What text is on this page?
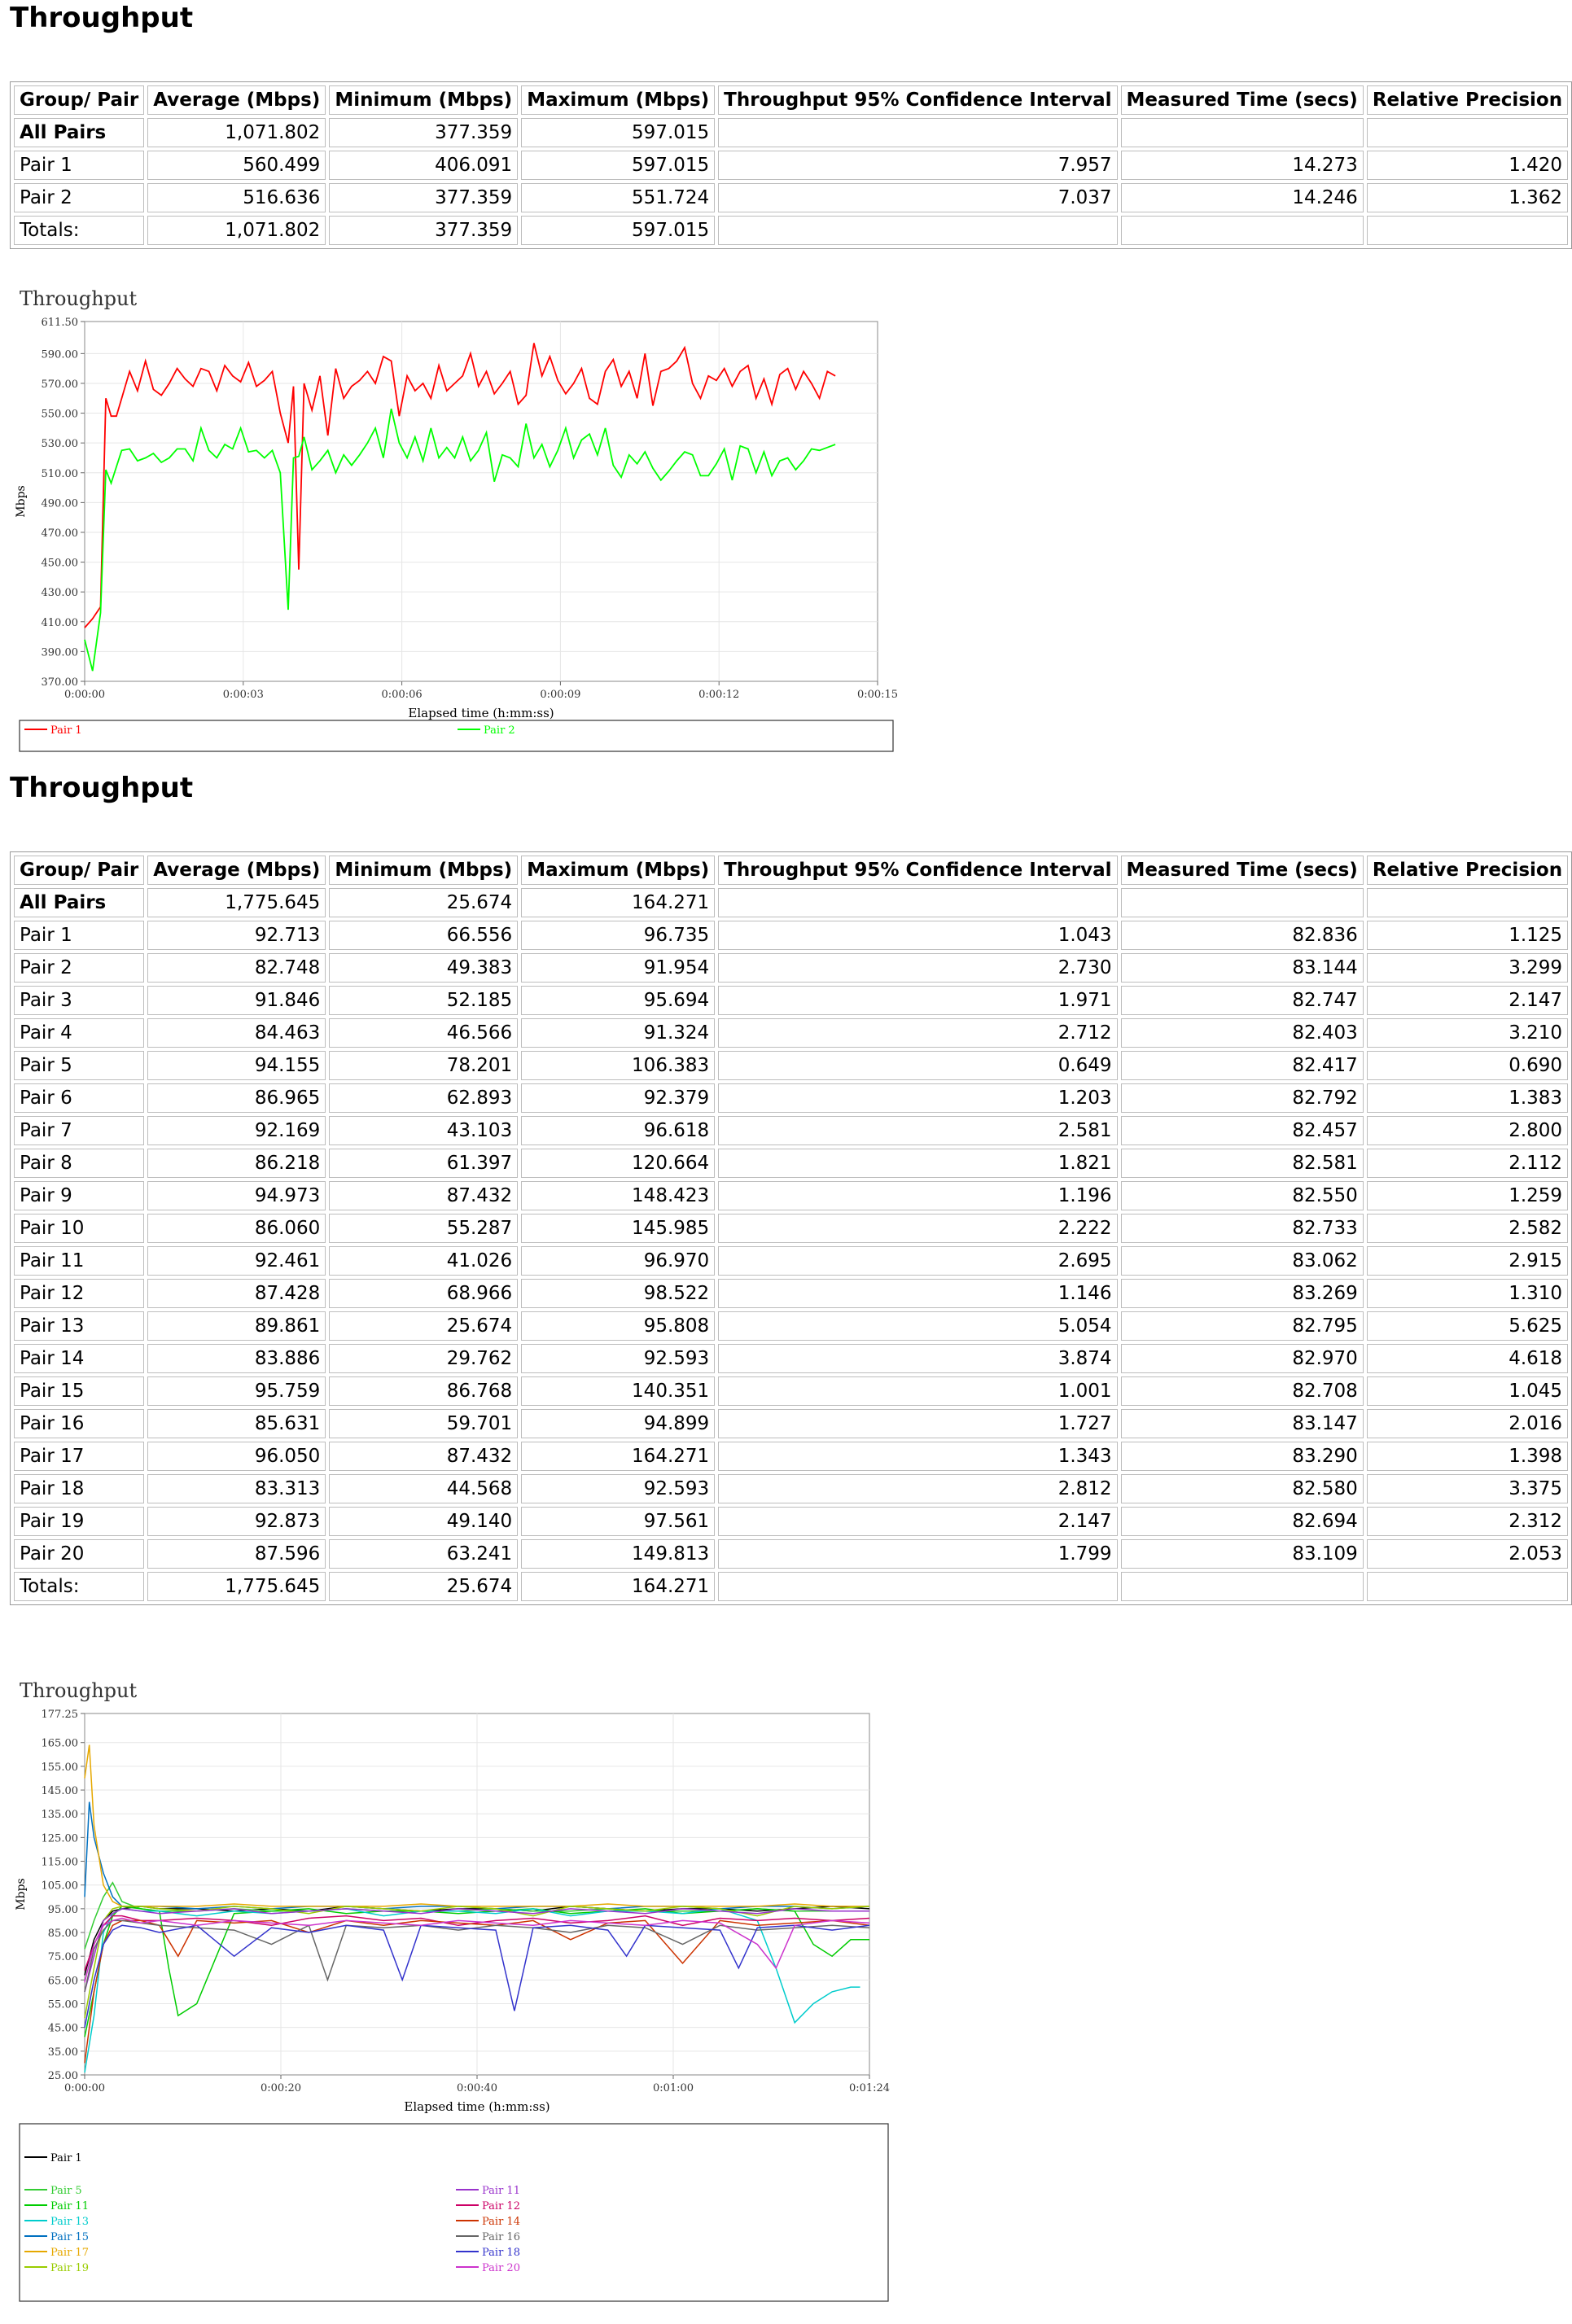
Throughput
Group/ Pair	Average (Mbps)	Minimum (Mbps)	Maximum (Mbps)	Throughput 95% Confidence Interval	Measured Time (secs)	Relative Precision
All Pairs	1,071.802	377.359	597.015			
Pair 1	560.499	406.091	597.015	7.957	14.273	1.420
Pair 2	516.636	377.359	551.724	7.037	14.246	1.362
Totals:	1,071.802	377.359	597.015			
Throughput
370.00
390.00
410.00
430.00
450.00
470.00
490.00
510.00
530.00
550.00
570.00
590.00
611.50
0:00:00	0:00:03	0:00:06	0:00:09	0:00:12	0:00:15
Elapsed time (h:mm:ss)
Mbps
Pair 1	Pair 2
Throughput
Group/ Pair	Average (Mbps)	Minimum (Mbps)	Maximum (Mbps)	Throughput 95% Confidence Interval	Measured Time (secs)	Relative Precision
All Pairs	1,775.645	25.674	164.271			
Pair 1	92.713	66.556	96.735	1.043	82.836	1.125
Pair 2	82.748	49.383	91.954	2.730	83.144	3.299
Pair 3	91.846	52.185	95.694	1.971	82.747	2.147
Pair 4	84.463	46.566	91.324	2.712	82.403	3.210
Pair 5	94.155	78.201	106.383	0.649	82.417	0.690
Pair 6	86.965	62.893	92.379	1.203	82.792	1.383
Pair 7	92.169	43.103	96.618	2.581	82.457	2.800
Pair 8	86.218	61.397	120.664	1.821	82.581	2.112
Pair 9	94.973	87.432	148.423	1.196	82.550	1.259
Pair 10	86.060	55.287	145.985	2.222	82.733	2.582
Pair 11	92.461	41.026	96.970	2.695	83.062	2.915
Pair 12	87.428	68.966	98.522	1.146	83.269	1.310
Pair 13	89.861	25.674	95.808	5.054	82.795	5.625
Pair 14	83.886	29.762	92.593	3.874	82.970	4.618
Pair 15	95.759	86.768	140.351	1.001	82.708	1.045
Pair 16	85.631	59.701	94.899	1.727	83.147	2.016
Pair 17	96.050	87.432	164.271	1.343	83.290	1.398
Pair 18	83.313	44.568	92.593	2.812	82.580	3.375
Pair 19	92.873	49.140	97.561	2.147	82.694	2.312
Pair 20	87.596	63.241	149.813	1.799	83.109	2.053
Totals:	1,775.645	25.674	164.271			
Throughput
25.00
35.00
45.00
55.00
65.00
75.00
85.00
95.00
105.00
115.00
125.00
135.00
145.00
155.00
165.00
177.25
0:00:00	0:00:20	0:00:40	0:01:00	0:01:24
Elapsed time (h:mm:ss)
Mbps
Pair 1
Pair 5
Pair 11
Pair 13
Pair 15
Pair 17
Pair 19
Pair 11
Pair 12
Pair 14
Pair 16
Pair 18
Pair 20
